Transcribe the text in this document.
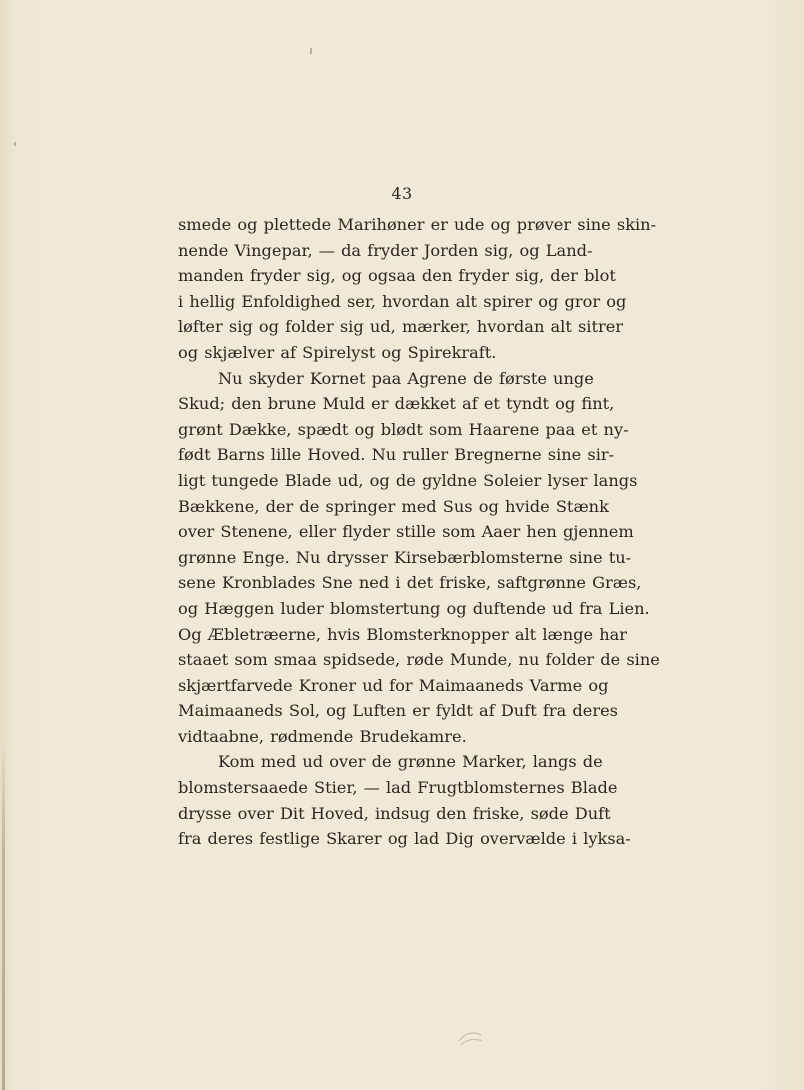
43
smede og plettede Marihøner er ude og prøver sine skin-
nende Vingepar, — da fryder Jorden sig, og Land-
manden fryder sig, og ogsaa den fryder sig, der blot
i hellig Enfoldighed ser, hvordan alt spirer og gror og
løfter sig og folder sig ud, mærker, hvordan alt sitrer
og skjælver af Spirelyst og Spirekraft.
Nu skyder Kornet paa Agrene de første unge
Skud; den brune Muld er dækket af et tyndt og fint,
grønt Dække, spædt og blødt som Haarene paa et ny-
født Barns lille Hoved. Nu ruller Bregnerne sine sir-
ligt tungede Blade ud, og de gyldne Soleier lyser langs
Bækkene, der de springer med Sus og hvide Stænk
over Stenene, eller flyder stille som Aaer hen gjennem
grønne Enge. Nu drysser Kirsebærblomsterne sine tu-
sene Kronblades Sne ned i det friske, saftgrønne Græs,
og Hæggen luder blomstertung og duftende ud fra Lien.
Og Æbletræerne, hvis Blomsterknopper alt længe har
staaet som smaa spidsede, røde Munde, nu folder de sine
skjærtfarvede Kroner ud for Maimaaneds Varme og
Maimaaneds Sol, og Luften er fyldt af Duft fra deres
vidtaabne, rødmende Brudekamre.
Kom med ud over de grønne Marker, langs de
blomstersaaede Stier, — lad Frugtblomsternes Blade
drysse over Dit Hoved, indsug den friske, søde Duft
fra deres festlige Skarer og lad Dig overvælde i lyksa-
